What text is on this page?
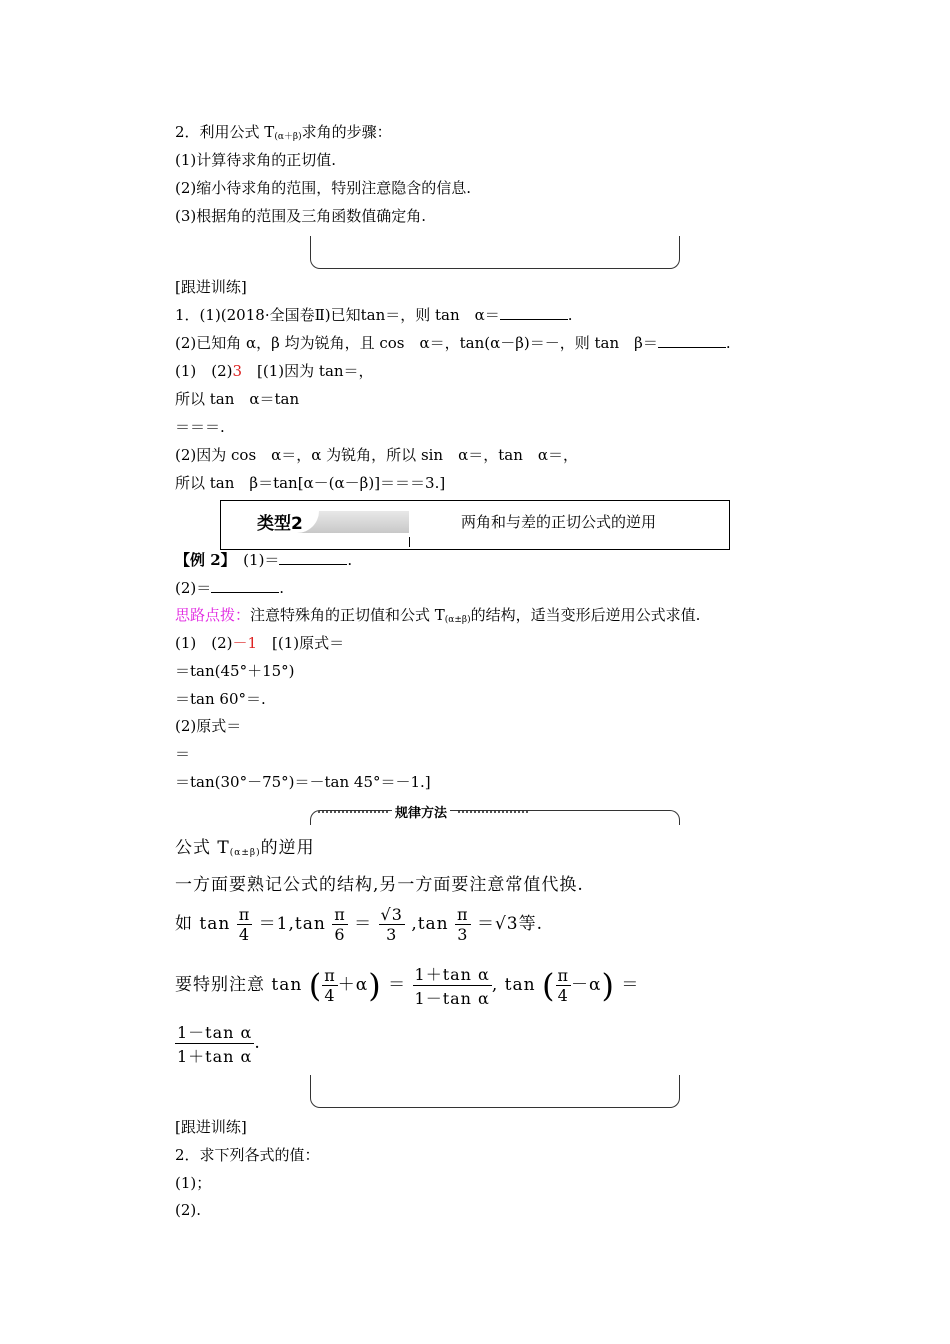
2．利用公式 $T_{(\alpha+\beta)}$求角的步骤：
(1)计算待求角的正切值.
(2)缩小待求角的范围，特别注意隐含的信息.
(3)根据角的范围及三角函数值确定角.
[跟进训练]
1．(1)(2018·全国卷Ⅱ)已知tan＝，则 tan　α＝	.
(2)已知角 α，β 均为锐角，且 cos　α＝，tan(α－β)＝－，则 tan　β＝	.
(1)　(2)3　[(1)因为 tan＝，
所以 tan　α＝tan
＝＝＝.
(2)因为 cos　α＝，α 为锐角，所以 sin　α＝，tan　α＝，
所以 tan　β＝tan[α－(α－β)]＝＝＝3.]
类型2	两角和与差的正切公式的逆用
【例 2】　(1)＝	.
(2)＝	.
思路点拨：注意特殊角的正切值和公式 $T_{(\alpha\pm\beta)}$的结构，适当变形后逆用公式求值.
(1)　(2)－1　[(1)原式＝
＝tan(45°＋15°)
＝tan 60°＝.
(2)原式＝
＝
＝tan(30°－75°)＝－tan 45°＝－1.]
规律方法
公式 $T_{(\alpha\pm\beta)}$的逆用
一方面要熟记公式的结构,另一方面要注意常值代换.
如 $\tan \frac{\pi}{4} =1,\tan \frac{\pi}{6} = \frac{√3}{3} ,\tan \frac{\pi}{3} =√3$等.
要特别注意 tan ( $\frac{\pi}{4} +\alpha) = \frac{\text{1＋tan α}}{\text{1－tan α}}$ , tan ( $\frac{\pi}{4} -\alpha$) ＝
$\frac{\text{1－tan α}}{\text{1＋tan α}}$ .
[跟进训练]
2．求下列各式的值：
(1)；
(2).
